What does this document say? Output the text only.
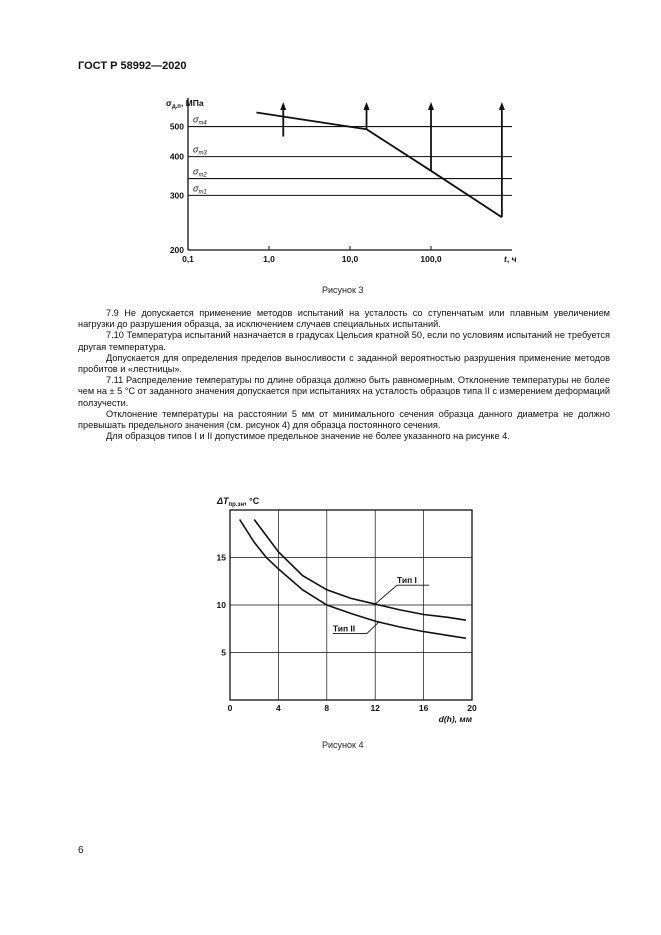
ГОСТ Р 58992—2020
$\sigma_{m4}$
$\sigma_{m3}$
$\sigma_{m2}$
$\sigma_{m1}$
500
400
300
200
0,1	1,0	10,0	100,0	t, ч
$\sigma_{д.п}$, МПа
Рисунок 3

7.9 Не допускается применение методов испытаний на усталость со ступенчатым или плавным увеличением нагрузки до разрушения образца, за исключением случаев специальных испытаний.

7.10 Температура испытаний назначается в градусах Цельсия кратной 50, если по условиям испытаний не требуется другая температура.

Допускается для определения пределов выносливости с заданной вероятностью разрушения применение методов пробитов и «лестницы».

7.11 Распределение температуры по длине образца должно быть равномерным. Отклонение температуры не более чем на ± 5 °С от заданного значения допускается при испытаниях на усталость образцов типа II с измерением деформаций ползучести.

Отклонение температуры на расстоянии 5 мм от минимального сечения образца данного диаметра не должно превышать предельного значения (см. рисунок 4) для образца постоянного сечения.

Для образцов типов I и II допустимое предельное значение не более указанного на рисунке 4.

15
10
5
0	4	8	12	16	20
d(h), мм
$\Delta T_{пр.зн}$, °С
Тип I
Тип II
Рисунок 4
6
